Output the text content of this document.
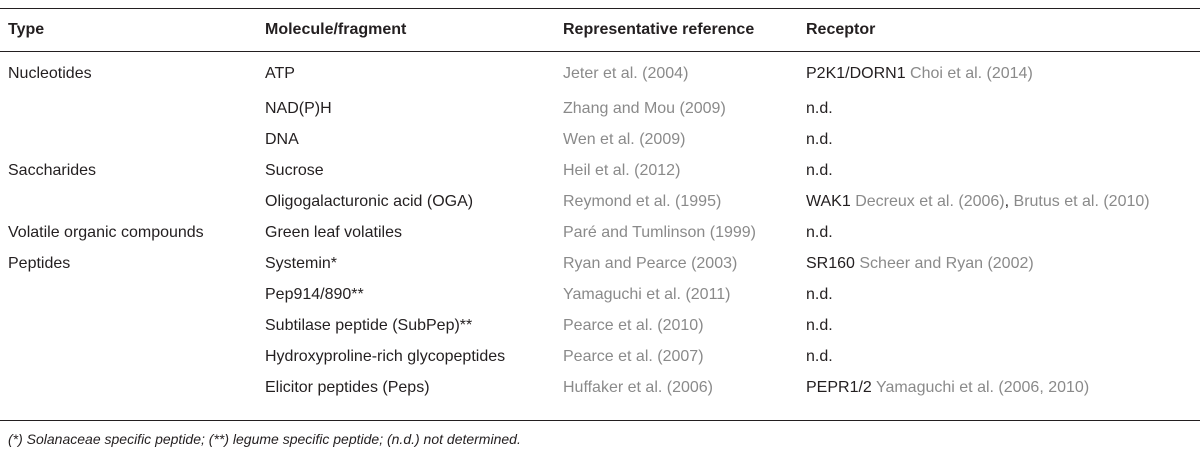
Type	Molecule/fragment	Representative reference	Receptor
Nucleotides	ATP	Jeter et al. (2004)	P2K1/DORN1 Choi et al. (2014)
	NAD(P)H	Zhang and Mou (2009)	n.d.
	DNA	Wen et al. (2009)	n.d.
Saccharides	Sucrose	Heil et al. (2012)	n.d.
	Oligogalacturonic acid (OGA)	Reymond et al. (1995)	WAK1 Decreux et al. (2006), Brutus et al. (2010)
Volatile organic compounds	Green leaf volatiles	Paré and Tumlinson (1999)	n.d.
Peptides	Systemin*	Ryan and Pearce (2003)	SR160 Scheer and Ryan (2002)
	Pep914/890**	Yamaguchi et al. (2011)	n.d.
	Subtilase peptide (SubPep)**	Pearce et al. (2010)	n.d.
	Hydroxyproline-rich glycopeptides	Pearce et al. (2007)	n.d.
	Elicitor peptides (Peps)	Huffaker et al. (2006)	PEPR1/2 Yamaguchi et al. (2006, 2010)
(*) Solanaceae specific peptide; (**) legume specific peptide; (n.d.) not determined.
